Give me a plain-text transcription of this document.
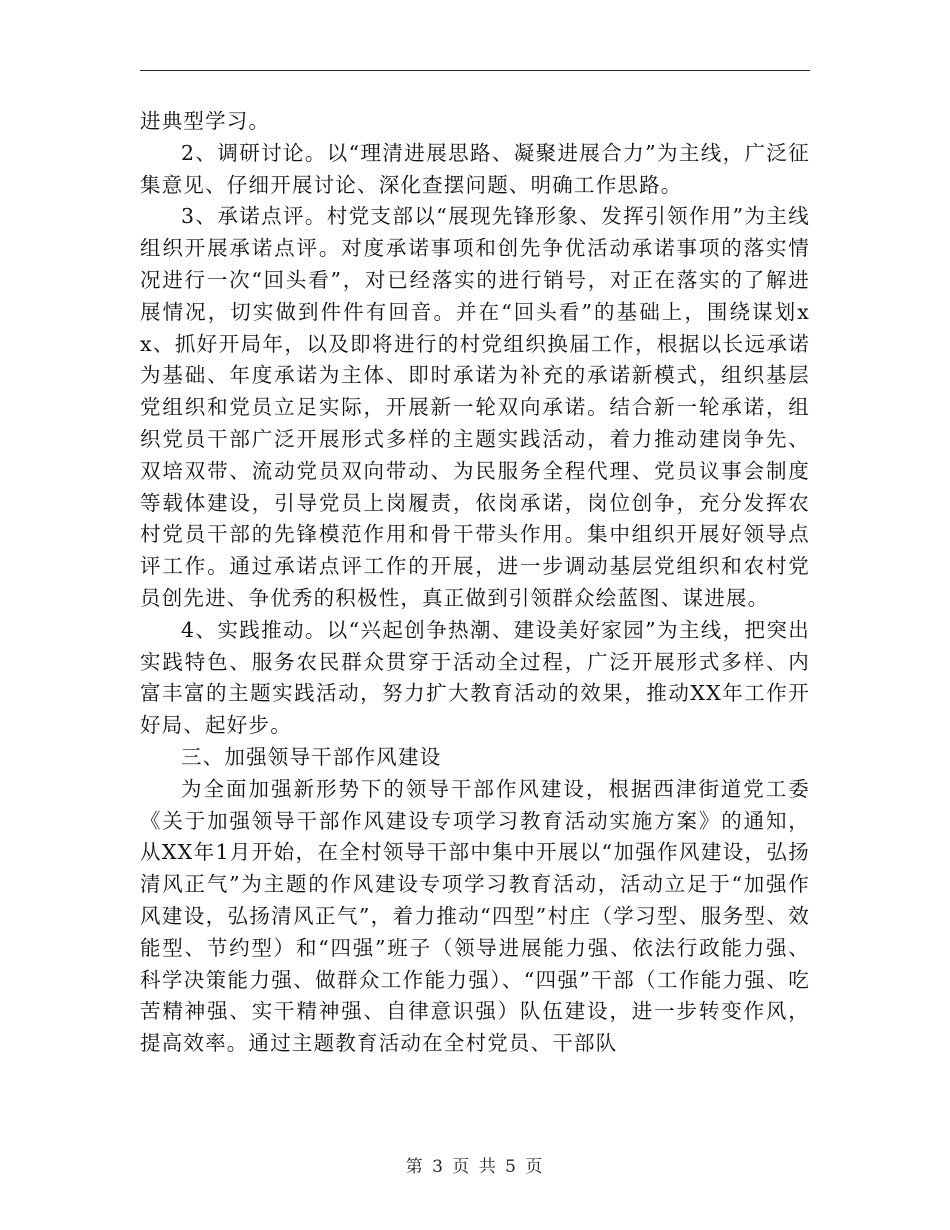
进典型学习。

2、调研讨论。以“理清进展思路、凝聚进展合力”为主线，广泛征集意见、仔细开展讨论、深化查摆问题、明确工作思路。

3、承诺点评。村党支部以“展现先锋形象、发挥引领作用”为主线组织开展承诺点评。对度承诺事项和创先争优活动承诺事项的落实情况进行一次“回头看”，对已经落实的进行销号，对正在落实的了解进展情况，切实做到件件有回音。并在“回头看”的基础上，围绕谋划xx、抓好开局年，以及即将进行的村党组织换届工作，根据以长远承诺为基础、年度承诺为主体、即时承诺为补充的承诺新模式，组织基层党组织和党员立足实际，开展新一轮双向承诺。结合新一轮承诺，组织党员干部广泛开展形式多样的主题实践活动，着力推动建岗争先、双培双带、流动党员双向带动、为民服务全程代理、党员议事会制度等载体建设，引导党员上岗履责，依岗承诺，岗位创争，充分发挥农村党员干部的先锋模范作用和骨干带头作用。集中组织开展好领导点评工作。通过承诺点评工作的开展，进一步调动基层党组织和农村党员创先进、争优秀的积极性，真正做到引领群众绘蓝图、谋进展。

4、实践推动。以“兴起创争热潮、建设美好家园”为主线，把突出实践特色、服务农民群众贯穿于活动全过程，广泛开展形式多样、内富丰富的主题实践活动，努力扩大教育活动的效果，推动XX年工作开好局、起好步。

三、加强领导干部作风建设

为全面加强新形势下的领导干部作风建设，根据西津街道党工委《关于加强领导干部作风建设专项学习教育活动实施方案》的通知，从XX年1月开始，在全村领导干部中集中开展以“加强作风建设，弘扬清风正气”为主题的作风建设专项学习教育活动，活动立足于“加强作风建设，弘扬清风正气”，着力推动“四型”村庄（学习型、服务型、效能型、节约型）和“四强”班子（领导进展能力强、依法行政能力强、科学决策能力强、做群众工作能力强）、“四强”干部（工作能力强、吃苦精神强、实干精神强、自律意识强）队伍建设，进一步转变作风，提高效率。通过主题教育活动在全村党员、干部队

第 3 页 共 5 页
